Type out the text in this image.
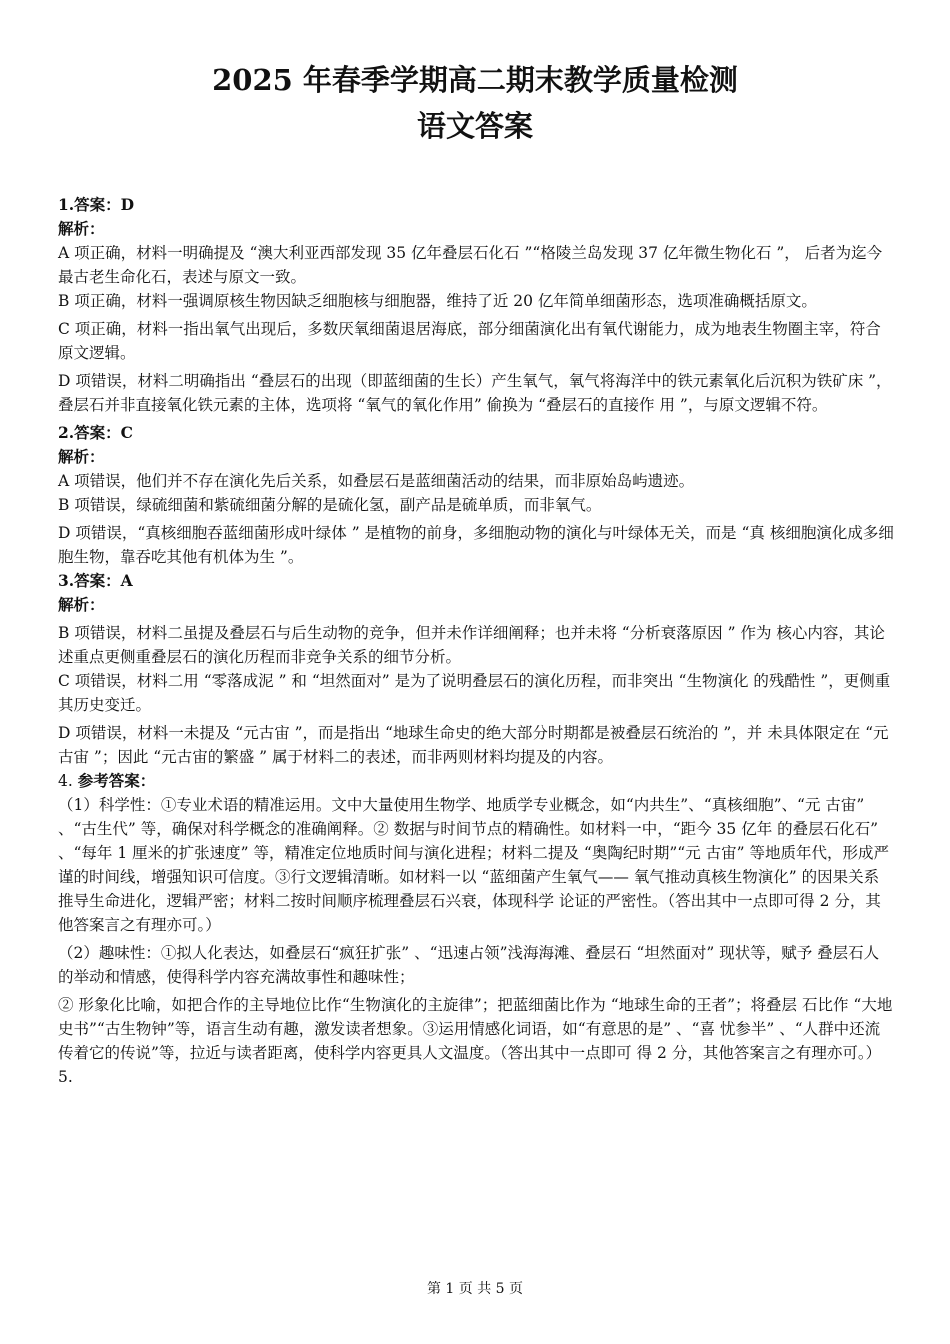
2025 年春季学期高二期末教学质量检测
语文答案

1.答案：D

解析：

A 项正确，材料一明确提及 “澳大利亚西部发现 35 亿年叠层石化石 ”“格陵兰岛发现 37 亿年微生物化石 ”， 后者为迄今最古老生命化石，表述与原文一致。

B 项正确，材料一强调原核生物因缺乏细胞核与细胞器，维持了近 20 亿年简单细菌形态，选项准确概括原文。

C 项正确，材料一指出氧气出现后，多数厌氧细菌退居海底，部分细菌演化出有氧代谢能力，成为地表生物圈主宰，符合原文逻辑。

D 项错误，材料二明确指出 “叠层石的出现（即蓝细菌的生长）产生氧气，氧气将海洋中的铁元素氧化后沉积为铁矿床 ”，叠层石并非直接氧化铁元素的主体，选项将 “氧气的氧化作用” 偷换为 “叠层石的直接作 用 ”，与原文逻辑不符。

2.答案：C

解析：

A 项错误，他们并不存在演化先后关系，如叠层石是蓝细菌活动的结果，而非原始岛屿遗迹。

B 项错误，绿硫细菌和紫硫细菌分解的是硫化氢，副产品是硫单质，而非氧气。

D 项错误，“真核细胞吞蓝细菌形成叶绿体 ” 是植物的前身，多细胞动物的演化与叶绿体无关，而是 “真 核细胞演化成多细胞生物，靠吞吃其他有机体为生 ”。

3.答案：A

解析：

B 项错误，材料二虽提及叠层石与后生动物的竞争，但并未作详细阐释；也并未将 “分析衰落原因 ” 作为 核心内容，其论述重点更侧重叠层石的演化历程而非竞争关系的细节分析。

C 项错误，材料二用 “零落成泥 ” 和 “坦然面对” 是为了说明叠层石的演化历程，而非突出 “生物演化 的残酷性 ”，更侧重其历史变迁。

D 项错误，材料一未提及 “元古宙 ”，而是指出 “地球生命史的绝大部分时期都是被叠层石统治的 ”，并 未具体限定在 “元古宙 ”；因此 “元古宙的繁盛 ” 属于材料二的表述，而非两则材料均提及的内容。

4. 参考答案：

（1）科学性：①专业术语的精准运用。文中大量使用生物学、地质学专业概念，如“内共生”、“真核细胞”、“元 古宙” 、“古生代” 等，确保对科学概念的准确阐释。② 数据与时间节点的精确性。如材料一中，“距今 35 亿年 的叠层石化石” 、“每年 1 厘米的扩张速度” 等，精准定位地质时间与演化进程；材料二提及 “奥陶纪时期”“元 古宙” 等地质年代，形成严谨的时间线，增强知识可信度。③行文逻辑清晰。如材料一以 “蓝细菌产生氧气—— 氧气推动真核生物演化” 的因果关系推导生命进化，逻辑严密；材料二按时间顺序梳理叠层石兴衰，体现科学 论证的严密性。（答出其中一点即可得 2 分，其他答案言之有理亦可。）

（2）趣味性：①拟人化表达，如叠层石“疯狂扩张” 、“迅速占领”浅海海滩、叠层石 “坦然面对” 现状等，赋予 叠层石人的举动和情感，使得科学内容充满故事性和趣味性；

② 形象化比喻，如把合作的主导地位比作“生物演化的主旋律”；把蓝细菌比作为 “地球生命的王者”；将叠层 石比作 “大地史书”“古生物钟”等，语言生动有趣，激发读者想象。③运用情感化词语，如“有意思的是” 、“喜 忧参半” 、“人群中还流传着它的传说”等，拉近与读者距离，使科学内容更具人文温度。（答出其中一点即可 得 2 分，其他答案言之有理亦可。）

5.

第 1 页 共 5 页
